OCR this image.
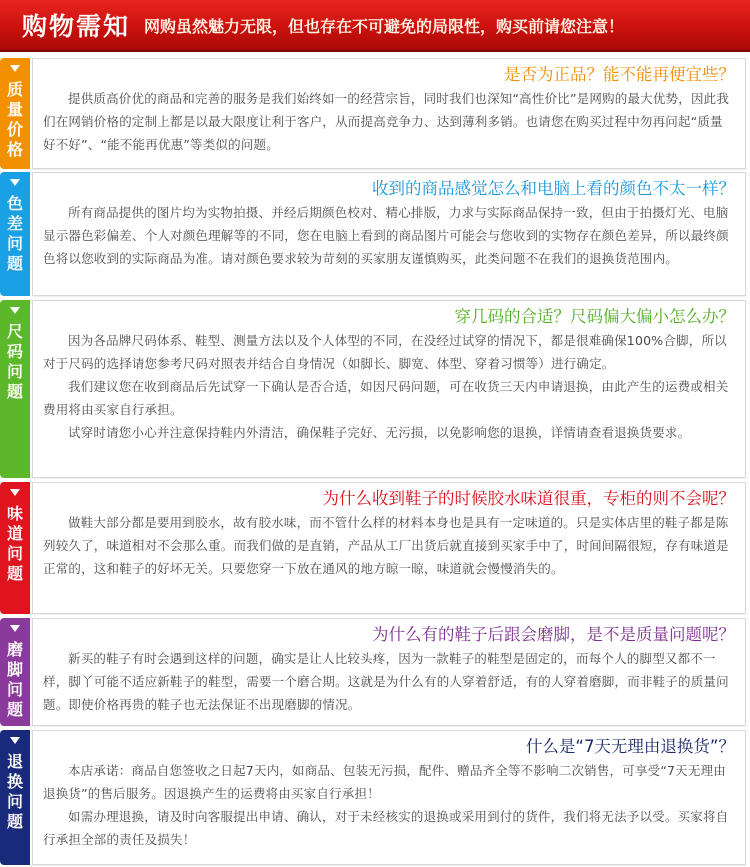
购物需知 网购虽然魅力无限，但也存在不可避免的局限性，购买前请您注意！
质量价格
是否为正品？能不能再便宜些？

提供质高价优的商品和完善的服务是我们始终如一的经营宗旨，同时我们也深知“高性价比”是网购的最大优势，因此我们在网销价格的定制上都是以最大限度让利于客户，从而提高竞争力、达到薄利多销。也请您在购买过程中勿再问起“质量好不好”、“能不能再优惠”等类似的问题。

色差问题
收到的商品感觉怎么和电脑上看的颜色不太一样？

所有商品提供的图片均为实物拍摄、并经后期颜色校对、精心排版，力求与实际商品保持一致，但由于拍摄灯光、电脑显示器色彩偏差、个人对颜色理解等的不同，您在电脑上看到的商品图片可能会与您收到的实物存在颜色差异，所以最终颜色将以您收到的实际商品为准。请对颜色要求较为苛刻的买家朋友谨慎购买，此类问题不在我们的退换货范围内。

尺码问题
穿几码的合适？尺码偏大偏小怎么办？

因为各品牌尺码体系、鞋型、测量方法以及个人体型的不同，在没经过试穿的情况下，都是很难确保100%合脚，所以对于尺码的选择请您参考尺码对照表并结合自身情况（如脚长、脚宽、体型、穿着习惯等）进行确定。

我们建议您在收到商品后先试穿一下确认是否合适，如因尺码问题，可在收货三天内申请退换，由此产生的运费或相关费用将由买家自行承担。

试穿时请您小心并注意保持鞋内外清洁，确保鞋子完好、无污损，以免影响您的退换，详情请查看退换货要求。

味道问题
为什么收到鞋子的时候胶水味道很重，专柜的则不会呢？

做鞋大部分都是要用到胶水，故有胶水味，而不管什么样的材料本身也是具有一定味道的。只是实体店里的鞋子都是陈列较久了，味道相对不会那么重。而我们做的是直销，产品从工厂出货后就直接到买家手中了，时间间隔很短，存有味道是正常的，这和鞋子的好坏无关。只要您穿一下放在通风的地方晾一晾，味道就会慢慢消失的。

磨脚问题
为什么有的鞋子后跟会磨脚，是不是质量问题呢？

新买的鞋子有时会遇到这样的问题，确实是让人比较头疼，因为一款鞋子的鞋型是固定的，而每个人的脚型又都不一样，脚丫可能不适应新鞋子的鞋型，需要一个磨合期。这就是为什么有的人穿着舒适，有的人穿着磨脚，而非鞋子的质量问题。即使价格再贵的鞋子也无法保证不出现磨脚的情况。

退换问题
什么是“7天无理由退换货”？

本店承诺：商品自您签收之日起7天内，如商品、包装无污损，配件、赠品齐全等不影响二次销售，可享受“7天无理由退换货”的售后服务。因退换产生的运费将由买家自行承担！

如需办理退换，请及时向客服提出申请、确认，对于未经核实的退换或采用到付的货件，我们将无法予以受。买家将自行承担全部的责任及损失！
